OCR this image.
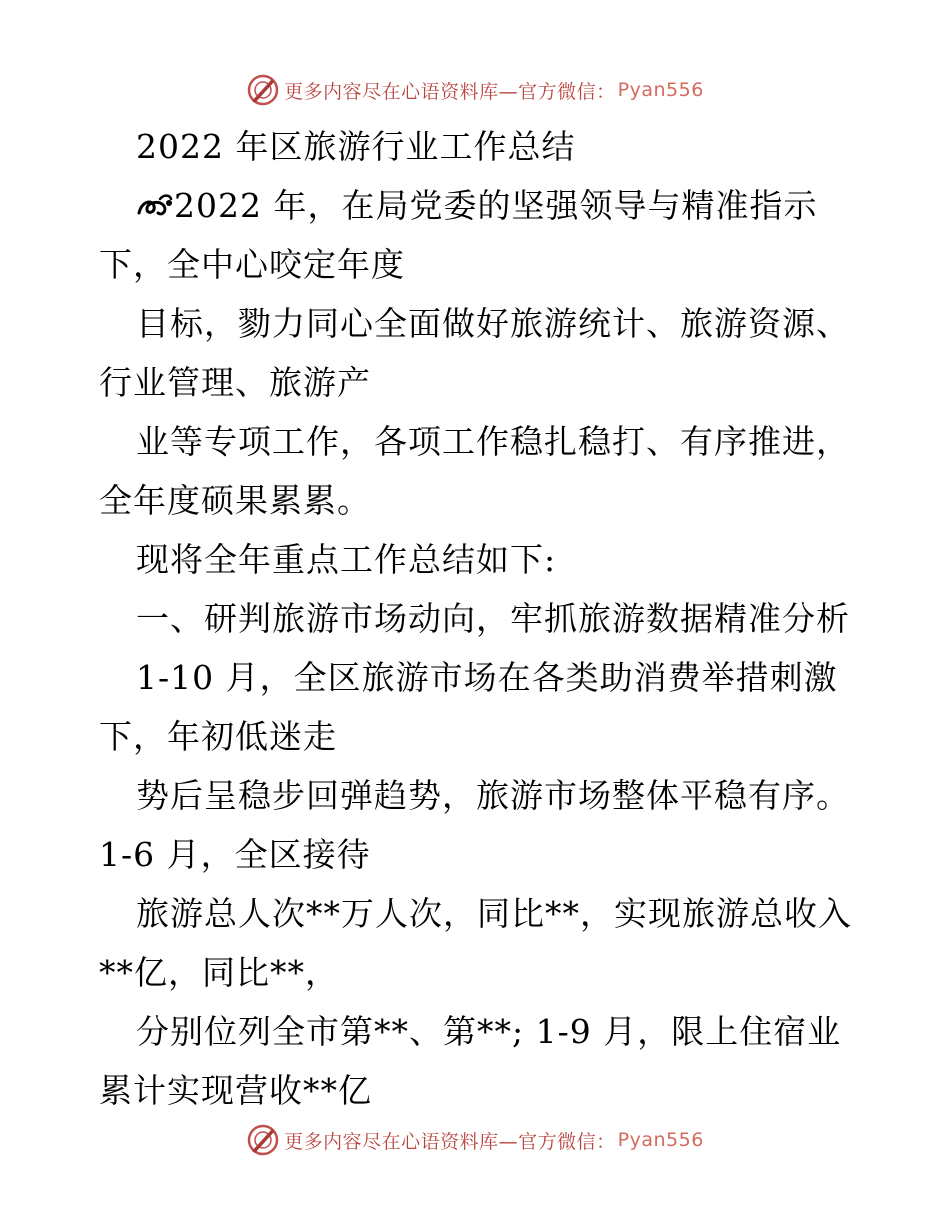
更多内容尽在心语资料库—官方微信： Pyan556
2022 年区旅游行业工作总结
2022 年，在局党委的坚强领导与精准指示
下，全中心咬定年度
目标，勠力同心全面做好旅游统计、旅游资源、
行业管理、旅游产
业等专项工作，各项工作稳扎稳打、有序推进，
全年度硕果累累。
现将全年重点工作总结如下:
一、研判旅游市场动向，牢抓旅游数据精准分析
1-10 月，全区旅游市场在各类助消费举措刺激
下，年初低迷走
势后呈稳步回弹趋势，旅游市场整体平稳有序。
1-6 月，全区接待
旅游总人次**万人次，同比**，实现旅游总收入
**亿，同比**，
分别位列全市第**、第**; 1-9 月，限上住宿业
累计实现营收**亿
更多内容尽在心语资料库—官方微信： Pyan556
